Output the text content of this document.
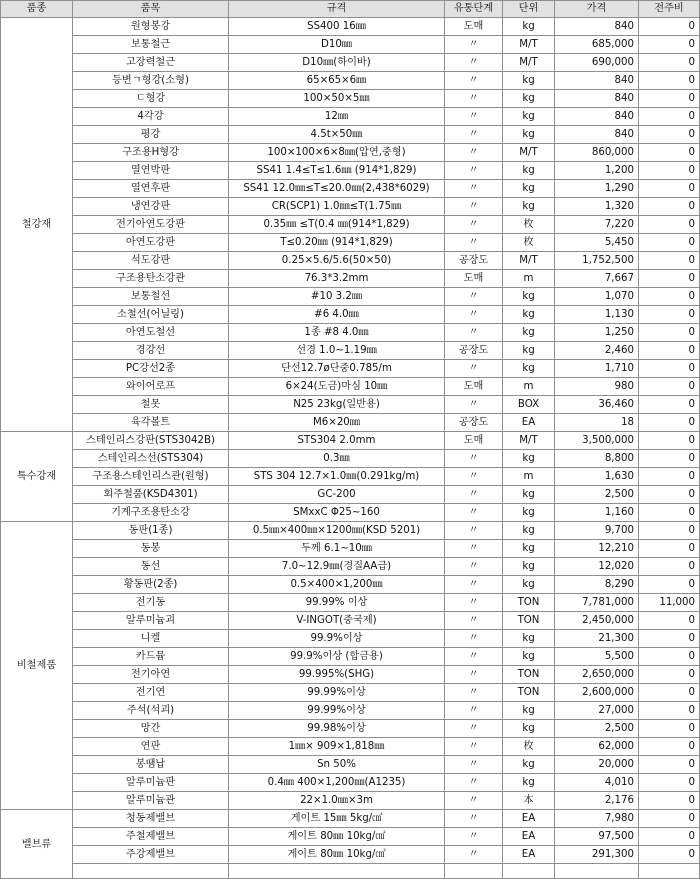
품종	품목	규격	유통단계	단위	가격	전주비
철강재	원형봉강	SS400 16㎜	도매	kg	840	0
	보통철근	D10㎜	〃	M/T	685,000	0
	고장력철근	D10㎜(하이바)	〃	M/T	690,000	0
	등변ㄱ형강(소형)	65×65×6㎜	〃	kg	840	0
	ㄷ형강	100×50×5㎜	〃	kg	840	0
	4각강	12㎜	〃	kg	840	0
	평강	4.5t×50㎜	〃	kg	840	0
	구조용H형강	100×100×6×8㎜(압연,중형)	〃	M/T	860,000	0
	열연박판	SS41 1.4≤T≤1.6㎜ (914*1,829)	〃	kg	1,200	0
	열연후판	SS41 12.0㎜≤T≤20.0㎜(2,438*6029)	〃	kg	1,290	0
	냉연강판	CR(SCP1) 1.0㎜≤T(1.75㎜	〃	kg	1,320	0
	전기아연도강판	0.35㎜ ≤T(0.4 ㎜(914*1,829)	〃	枚	7,220	0
	아연도강판	T≤0.20㎜ (914*1,829)	〃	枚	5,450	0
	석도강판	0.25×5.6/5.6(50×50)	공장도	M/T	1,752,500	0
	구조용탄소강관	76.3*3.2mm	도매	m	7,667	0
	보통철선	#10 3.2㎜	〃	kg	1,070	0
	소철선(어닐링)	#6 4.0㎜	〃	kg	1,130	0
	아연도철선	1종 #8 4.0㎜	〃	kg	1,250	0
	경강선	선경 1.0∼1.19㎜	공장도	kg	2,460	0
	PC강선2종	단선12.7ø단중0.785/m	〃	kg	1,710	0
	와이어로프	6×24(도금)마심 10㎜	도매	m	980	0
	철못	N25 23kg(일반용)	〃	BOX	36,460	0
	육각볼트	M6×20㎜	공장도	EA	18	0
특수강재	스테인리스강판(STS3042B)	STS304 2.0mm	도매	M/T	3,500,000	0
	스테인리스선(STS304)	0.3㎜	〃	kg	8,800	0
	구조용스테인리스관(원형)	STS 304 12.7×1.0㎜(0.291kg/m)	〃	m	1,630	0
	회주철품(KSD4301)	GC-200	〃	kg	2,500	0
	기계구조용탄소강	SMxxC Φ25∼160	〃	kg	1,160	0
비철제품	동판(1종)	0.5㎜×400㎜×1200㎜(KSD 5201)	〃	kg	9,700	0
	동봉	두께 6.1∼10㎜	〃	kg	12,210	0
	동선	7.0∼12.9㎜(경질AA급)	〃	kg	12,020	0
	황동판(2종)	0.5×400×1,200㎜	〃	kg	8,290	0
	전기동	99.99% 이상	〃	TON	7,781,000	11,000
	알루미늄괴	V-INGOT(중국제)	〃	TON	2,450,000	0
	니켈	99.9%이상	〃	kg	21,300	0
	카드뮴	99.9%이상 (합금용)	〃	kg	5,500	0
	전기아연	99.995%(SHG)	〃	TON	2,650,000	0
	전기연	99.99%이상	〃	TON	2,600,000	0
	주석(석괴)	99.99%이상	〃	kg	27,000	0
	망간	99.98%이상	〃	kg	2,500	0
	연판	1㎜× 909×1,818㎜	〃	枚	62,000	0
	봉땜납	Sn 50%	〃	kg	20,000	0
	알루미늄판	0.4㎜ 400×1,200㎜(A1235)	〃	kg	4,010	0
	알루미늄관	22×1.0㎜×3m	〃	本	2,176	0
밸브류	청동제밸브	게이트 15㎜ 5kg/㎠	〃	EA	7,980	0
	주철제밸브	게이트 80㎜ 10kg/㎠	〃	EA	97,500	0
	주강제밸브	게이트 80㎜ 10kg/㎠	〃	EA	291,300	0
